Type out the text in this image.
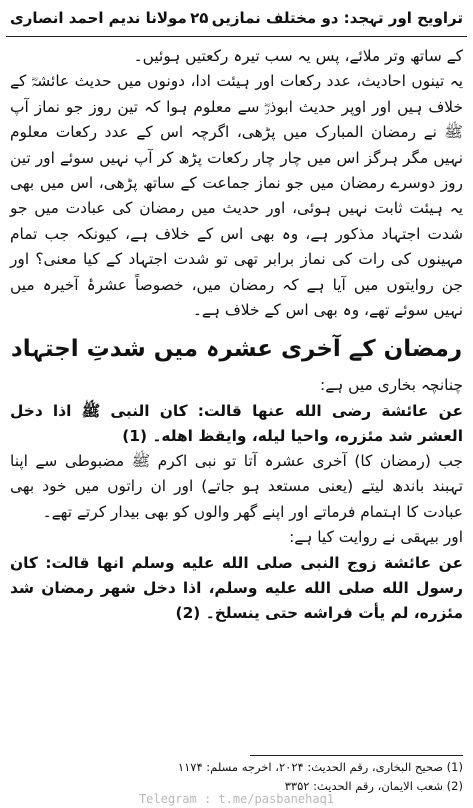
مولانا ندیم احمد انصاری ۲۵ تراویح اور تہجد: دو مختلف نمازیں

کے ساتھ وتر ملائے، پس یہ سب تیرہ رکعتیں ہوئیں۔

یہ تینوں احادیث، عدد رکعات اور ہیئت ادا، دونوں میں حدیث عائشہؓ کے خلاف ہیں اور اوپر حدیث ابوذرؓ سے معلوم ہوا کہ تین روز جو نماز آپ ﷺ نے رمضان المبارک میں پڑھی، اگرچہ اس کے عدد رکعات معلوم نہیں مگر ہرگز اس میں چار چار رکعات پڑھ کر آپ نہیں سوئے اور تین روز دوسرے رمضان میں جو نماز جماعت کے ساتھ پڑھی، اس میں بھی یہ ہیئت ثابت نہیں ہوئی، اور حدیث میں رمضان کی عبادت میں جو شدت اجتہاد مذکور ہے، وہ بھی اس کے خلاف ہے، کیونکہ جب تمام مہینوں کی رات کی نماز برابر تھی تو شدت اجتہاد کے کیا معنی؟ اور جن روایتوں میں آیا ہے کہ رمضان میں، خصوصاً عشرۂ آخیرہ میں نہیں سوئے تھے، وہ بھی اس کے خلاف ہے۔

رمضان کے آخری عشرہ میں شدتِ اجتہاد

چنانچہ بخاری میں ہے:

عن عائشة رضی الله عنها قالت: کان النبی ﷺ اذا دخل العشر شد مئزره، واحیا لیله، وایقظ اهله۔ (1)

جب (رمضان کا) آخری عشرہ آتا تو نبی اکرم ﷺ مضبوطی سے اپنا تہبند باندھ لیتے (یعنی مستعد ہو جاتے) اور ان راتوں میں خود بھی عبادت کا اہتمام فرماتے اور اپنے گھر والوں کو بھی بیدار کرتے تھے۔

اور بیہقی نے روایت کیا ہے:

عن عائشة زوج النبی صلی الله علیه وسلم انها قالت: کان رسول الله صلی الله علیه وسلم، اذا دخل شهر رمضان شد مئزره، لم یأت فراشه حتی ینسلخ۔ (2)

(1) صحیح البخاری، رقم الحدیث: ۲۰۲۴، اخرجه مسلم: ۱۱۷۴
(2) شعب الایمان، رقم الحدیث: ۳۳۵۲
Telegram : t.me/pasbanehaq1
